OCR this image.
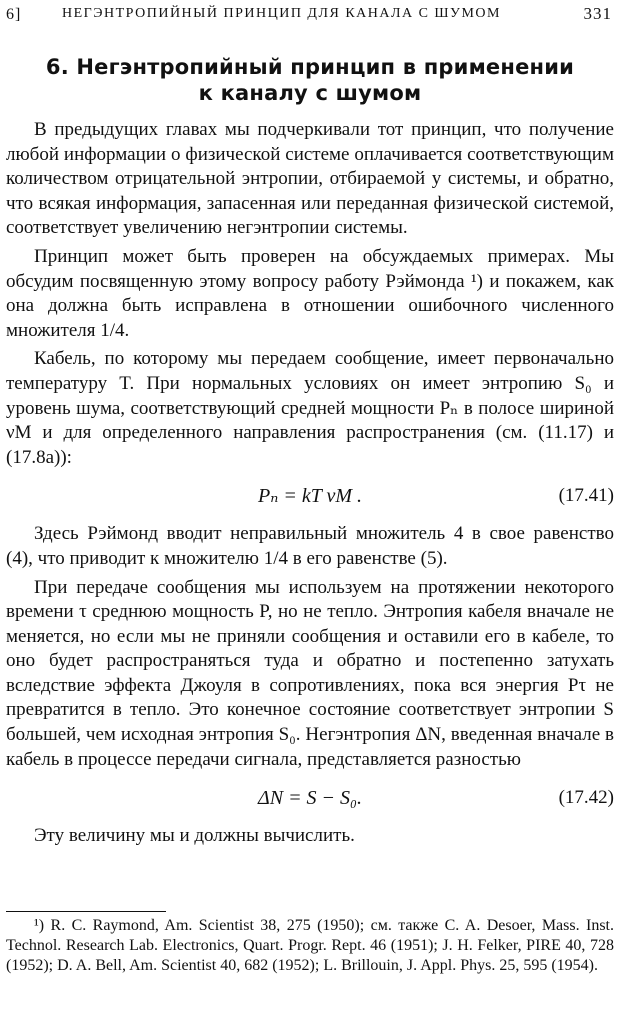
6]	НЕГЭНТРОПИЙНЫЙ ПРИНЦИП ДЛЯ КАНАЛА С ШУМОМ	331
6. Негэнтропийный принцип в применении
к каналу с шумом

В предыдущих главах мы подчеркивали тот принцип, что получение любой информации о физической системе оплачивается соответствующим количеством отрицательной энтропии, отбираемой у системы, и обратно, что всякая информация, запасенная или переданная физической системой, соответствует увеличению негэнтропии системы.

Принцип может быть проверен на обсуждаемых примерах. Мы обсудим посвященную этому вопросу работу Рэймонда ¹) и покажем, как она должна быть исправлена в отношении ошибочного численного множителя 1/4.

Кабель, по которому мы передаем сообщение, имеет первоначально температуру T. При нормальных условиях он имеет энтропию S₀ и уровень шума, соответствующий средней мощности Pₙ в полосе шириной νM и для определенного направления распространения (см. (11.17) и (17.8а)):

Pₙ = kT νM .	(17.41)

Здесь Рэймонд вводит неправильный множитель 4 в свое равенство (4), что приводит к множителю 1/4 в его равенстве (5).

При передаче сообщения мы используем на протяжении некоторого времени τ среднюю мощность P, но не тепло. Энтропия кабеля вначале не меняется, но если мы не приняли сообщения и оставили его в кабеле, то оно будет распространяться туда и обратно и постепенно затухать вследствие эффекта Джоуля в сопротивлениях, пока вся энергия Pτ не превратится в тепло. Это конечное состояние соответствует энтропии S большей, чем исходная энтропия S₀. Негэнтропия ΔN, введенная вначале в кабель в процессе передачи сигнала, представляется разностью

ΔN = S − S₀.	(17.42)

Эту величину мы и должны вычислить.

¹) R. C. Raymond, Am. Scientist 38, 275 (1950); см. также C. A. Desoer, Mass. Inst. Technol. Research Lab. Electronics, Quart. Progr. Rept. 46 (1951); J. H. Felker, PIRE 40, 728 (1952); D. A. Bell, Am. Scientist 40, 682 (1952); L. Brillouin, J. Appl. Phys. 25, 595 (1954).
